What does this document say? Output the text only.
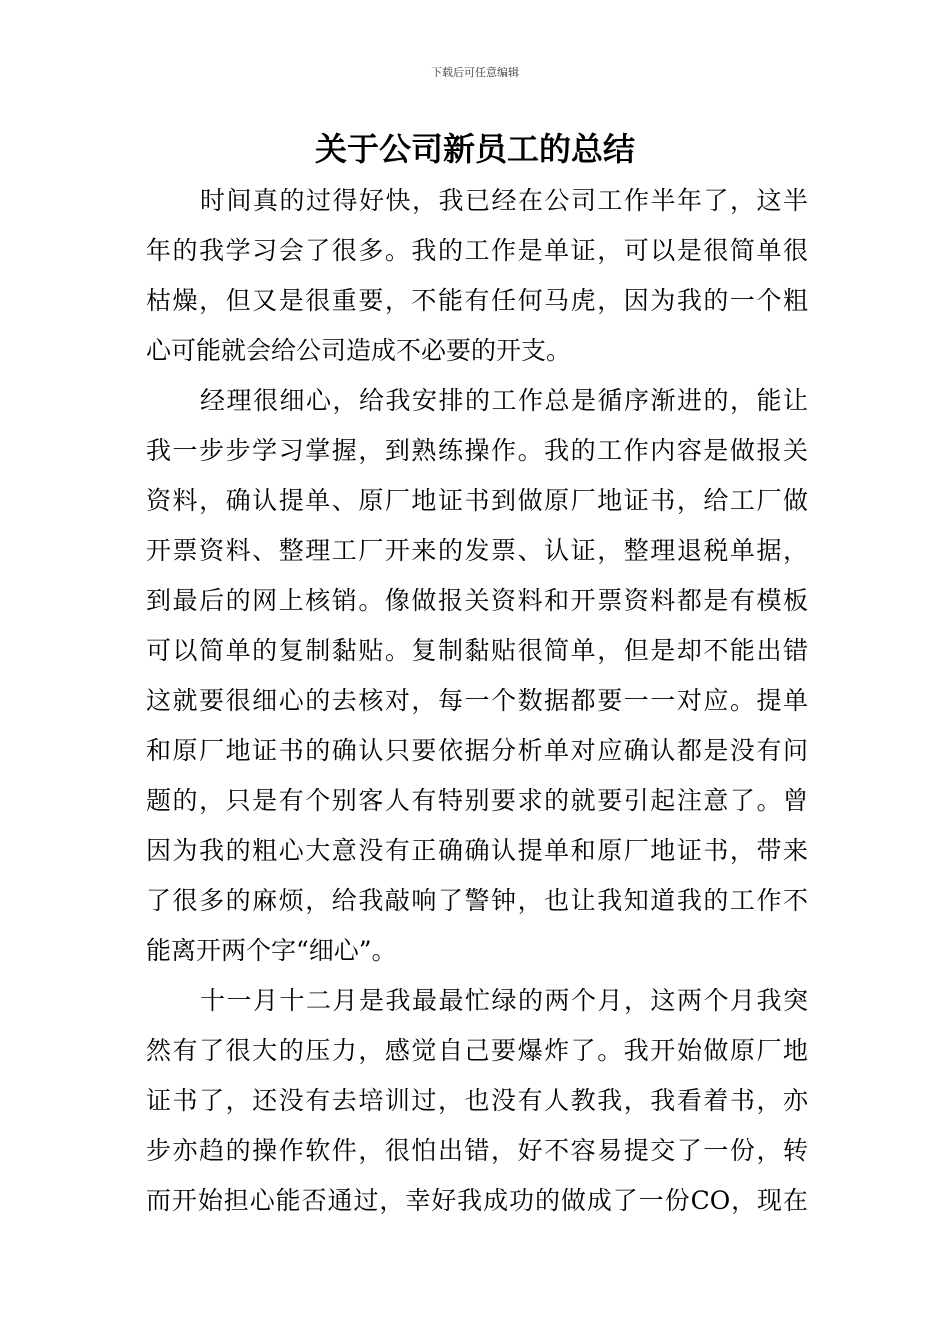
下载后可任意编辑
关于公司新员工的总结
时间真的过得好快，我已经在公司工作半年了，这半
年的我学习会了很多。我的工作是单证，可以是很简单很
枯燥，但又是很重要，不能有任何马虎，因为我的一个粗
心可能就会给公司造成不必要的开支。
经理很细心，给我安排的工作总是循序渐进的，能让
我一步步学习掌握，到熟练操作。我的工作内容是做报关
资料，确认提单、原厂地证书到做原厂地证书，给工厂做
开票资料、整理工厂开来的发票、认证，整理退税单据，
到最后的网上核销。像做报关资料和开票资料都是有模板
可以简单的复制黏贴。复制黏贴很简单，但是却不能出错
这就要很细心的去核对，每一个数据都要一一对应。提单
和原厂地证书的确认只要依据分析单对应确认都是没有问
题的，只是有个别客人有特别要求的就要引起注意了。曾
因为我的粗心大意没有正确确认提单和原厂地证书，带来
了很多的麻烦，给我敲响了警钟，也让我知道我的工作不
能离开两个字“细心”。
十一月十二月是我最最忙绿的两个月，这两个月我突
然有了很大的压力，感觉自己要爆炸了。我开始做原厂地
证书了，还没有去培训过，也没有人教我，我看着书，亦
步亦趋的操作软件，很怕出错，好不容易提交了一份，转
而开始担心能否通过，幸好我成功的做成了一份CO，现在
